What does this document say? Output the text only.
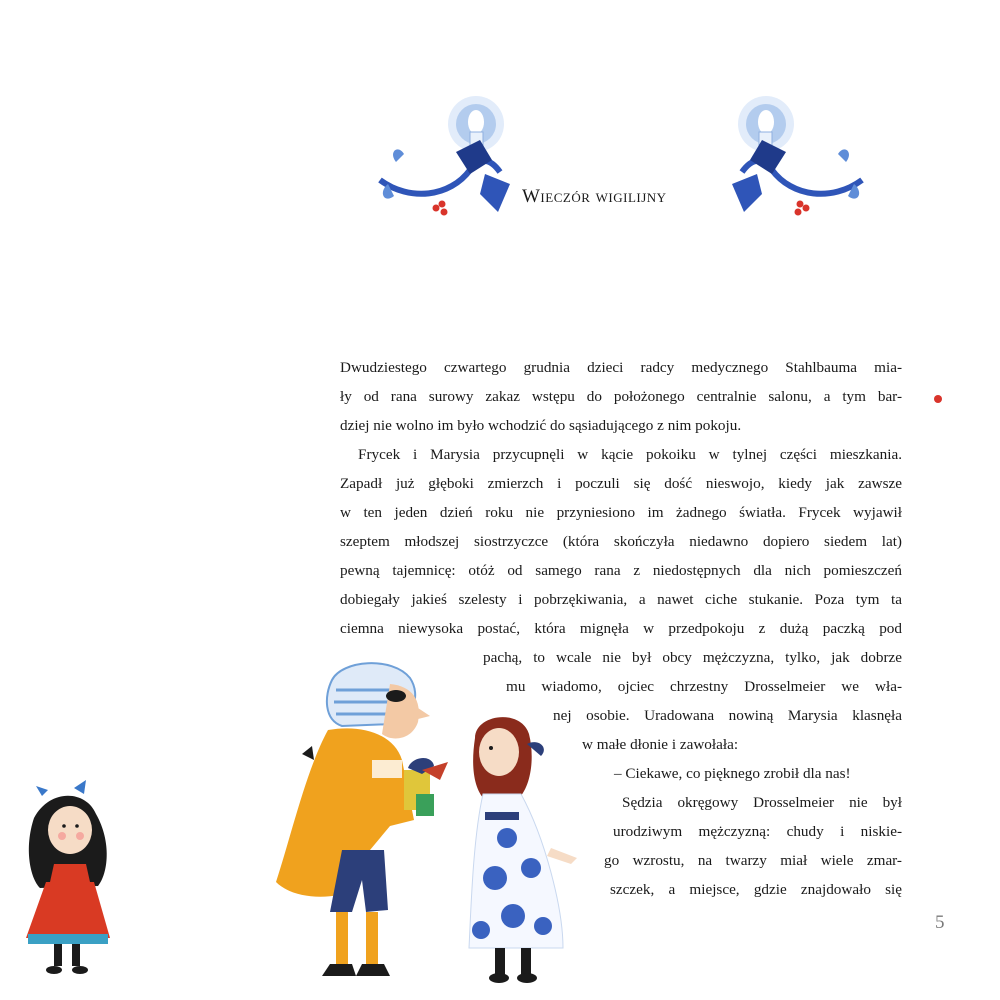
Wieczór wigilijny
Dwudziestego czwartego grudnia dzieci radcy medycznego Stahlbauma mia-
ły od rana surowy zakaz wstępu do położonego centralnie salonu, a tym bar-
dziej nie wolno im było wchodzić do sąsiadującego z nim pokoju.
Frycek i Marysia przycupnęli w kącie pokoiku w tylnej części mieszkania.
Zapadł już głęboki zmierzch i poczuli się dość nieswojo, kiedy jak zawsze
w ten jeden dzień roku nie przyniesiono im żadnego światła. Frycek wyjawił
szeptem młodszej siostrzyczce (która skończyła niedawno dopiero siedem lat)
pewną tajemnicę: otóż od samego rana z niedostępnych dla nich pomieszczeń
dobiegały jakieś szelesty i pobrzękiwania, a nawet ciche stukanie. Poza tym ta
ciemna niewysoka postać, która mignęła w przedpokoju z dużą paczką pod
pachą, to wcale nie był obcy mężczyzna, tylko, jak dobrze
mu wiadomo, ojciec chrzestny Drosselmeier we wła-
nej osobie. Uradowana nowiną Marysia klasnęła
w małe dłonie i zawołała:
– Ciekawe, co pięknego zrobił dla nas!
Sędzia okręgowy Drosselmeier nie był
urodziwym mężczyzną: chudy i niskie-
go wzrostu, na twarzy miał wiele zmar-
szczek, a miejsce, gdzie znajdowało się
5
